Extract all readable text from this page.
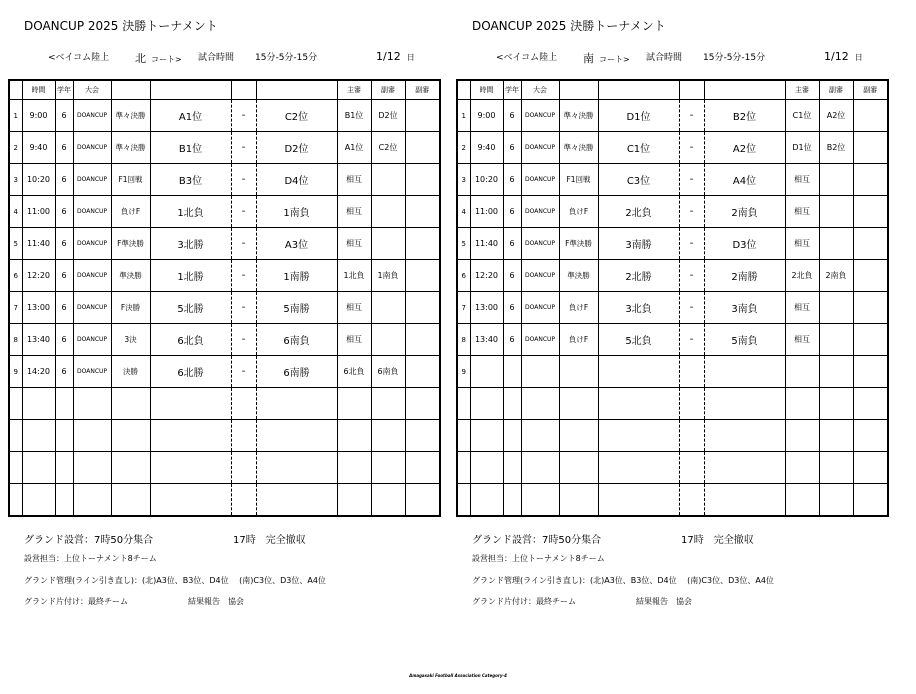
DOANCUP 2025 決勝トーナメント
<ベイコム陸上 北 コート> 試合時間 15分-5分-15分	1/12 日
	時間	学年	大会					主審	副審	副審
1	9:00	6	DOANCUP	準々決勝	A1位	-	C2位	B1位	D2位	
2	9:40	6	DOANCUP	準々決勝	B1位	-	D2位	A1位	C2位	
3	10:20	6	DOANCUP	F1回戦	B3位	-	D4位	相互		
4	11:00	6	DOANCUP	負けF	1北負	-	1南負	相互		
5	11:40	6	DOANCUP	F準決勝	3北勝	-	A3位	相互		
6	12:20	6	DOANCUP	準決勝	1北勝	-	1南勝	1北負	1南負	
7	13:00	6	DOANCUP	F決勝	5北勝	-	5南勝	相互		
8	13:40	6	DOANCUP	3決	6北負	-	6南負	相互		
9	14:20	6	DOANCUP	決勝	6北勝	-	6南勝	6北負	6南負	

グランド設営：7時50分集合	17時　完全撤収
設営担当：上位トーナメント8チーム
グランド管理(ライン引き直し)：(北)A3位、B3位、D4位　 (南)C3位、D3位、A4位
グランド片付け：最終チーム	結果報告　協会
DOANCUP 2025 決勝トーナメント
<ベイコム陸上 南 コート> 試合時間 15分-5分-15分	1/12 日
	時間	学年	大会					主審	副審	副審
1	9:00	6	DOANCUP	準々決勝	D1位	-	B2位	C1位	A2位	
2	9:40	6	DOANCUP	準々決勝	C1位	-	A2位	D1位	B2位	
3	10:20	6	DOANCUP	F1回戦	C3位	-	A4位	相互		
4	11:00	6	DOANCUP	負けF	2北負	-	2南負	相互		
5	11:40	6	DOANCUP	F準決勝	3南勝	-	D3位	相互		
6	12:20	6	DOANCUP	準決勝	2北勝	-	2南勝	2北負	2南負	
7	13:00	6	DOANCUP	負けF	3北負	-	3南負	相互		
8	13:40	6	DOANCUP	負けF	5北負	-	5南負	相互		
9										

グランド設営：7時50分集合	17時　完全撤収
設営担当：上位トーナメント8チーム
グランド管理(ライン引き直し)：(北)A3位、B3位、D4位　 (南)C3位、D3位、A4位
グランド片付け：最終チーム	結果報告　協会
Amagasaki Football Association Category-4
